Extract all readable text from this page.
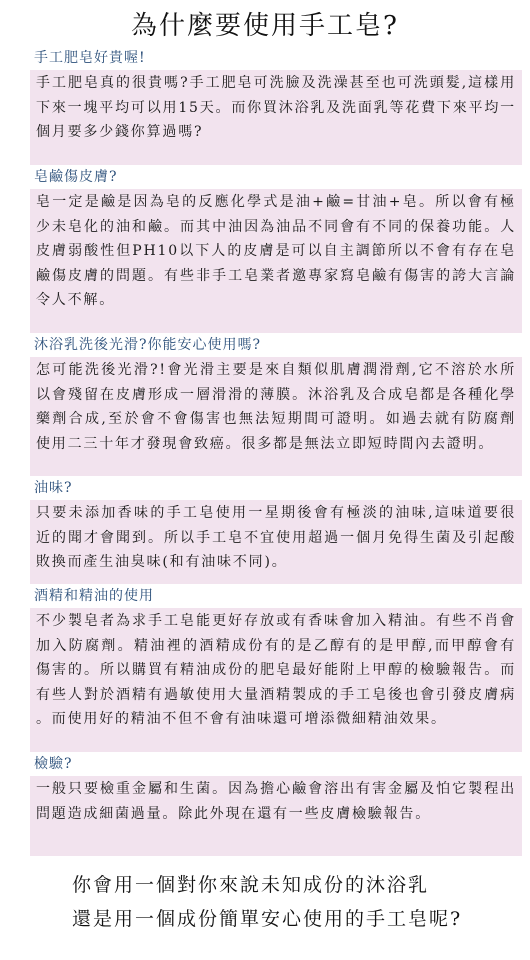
為什麼要使用手工皂?
手工肥皂好貴喔!
手工肥皂真的很貴嗎?手工肥皂可洗臉及洗澡甚至也可洗頭髮,這樣用下來一塊平均可以用15天。而你買沐浴乳及洗面乳等花費下來平均一個月要多少錢你算過嗎?
皂鹼傷皮膚?
皂一定是鹼是因為皂的反應化學式是油+鹼=甘油+皂。所以會有極少未皂化的油和鹼。而其中油因為油品不同會有不同的保養功能。人皮膚弱酸性但PH10以下人的皮膚是可以自主調節所以不會有存在皂鹼傷皮膚的問題。有些非手工皂業者邀專家寫皂鹼有傷害的誇大言論令人不解。
沐浴乳洗後光滑?你能安心使用嗎?
怎可能洗後光滑?!會光滑主要是來自類似肌膚潤滑劑,它不溶於水所以會殘留在皮膚形成一層滑滑的薄膜。沐浴乳及合成皂都是各種化學藥劑合成,至於會不會傷害也無法短期間可證明。如過去就有防腐劑使用二三十年才發現會致癌。很多都是無法立即短時間內去證明。
油味?
只要未添加香味的手工皂使用一星期後會有極淡的油味,這味道要很近的聞才會聞到。所以手工皂不宜使用超過一個月免得生菌及引起酸敗換而產生油臭味(和有油味不同)。
酒精和精油的使用
不少製皂者為求手工皂能更好存放或有香味會加入精油。有些不肖會加入防腐劑。精油裡的酒精成份有的是乙醇有的是甲醇,而甲醇會有傷害的。所以購買有精油成份的肥皂最好能附上甲醇的檢驗報告。而有些人對於酒精有過敏使用大量酒精製成的手工皂後也會引發皮膚病。而使用好的精油不但不會有油味還可增添微細精油效果。
檢驗?
一般只要檢重金屬和生菌。因為擔心鹼會溶出有害金屬及怕它製程出問題造成細菌過量。除此外現在還有一些皮膚檢驗報告。
你會用一個對你來說未知成份的沐浴乳
還是用一個成份簡單安心使用的手工皂呢?
